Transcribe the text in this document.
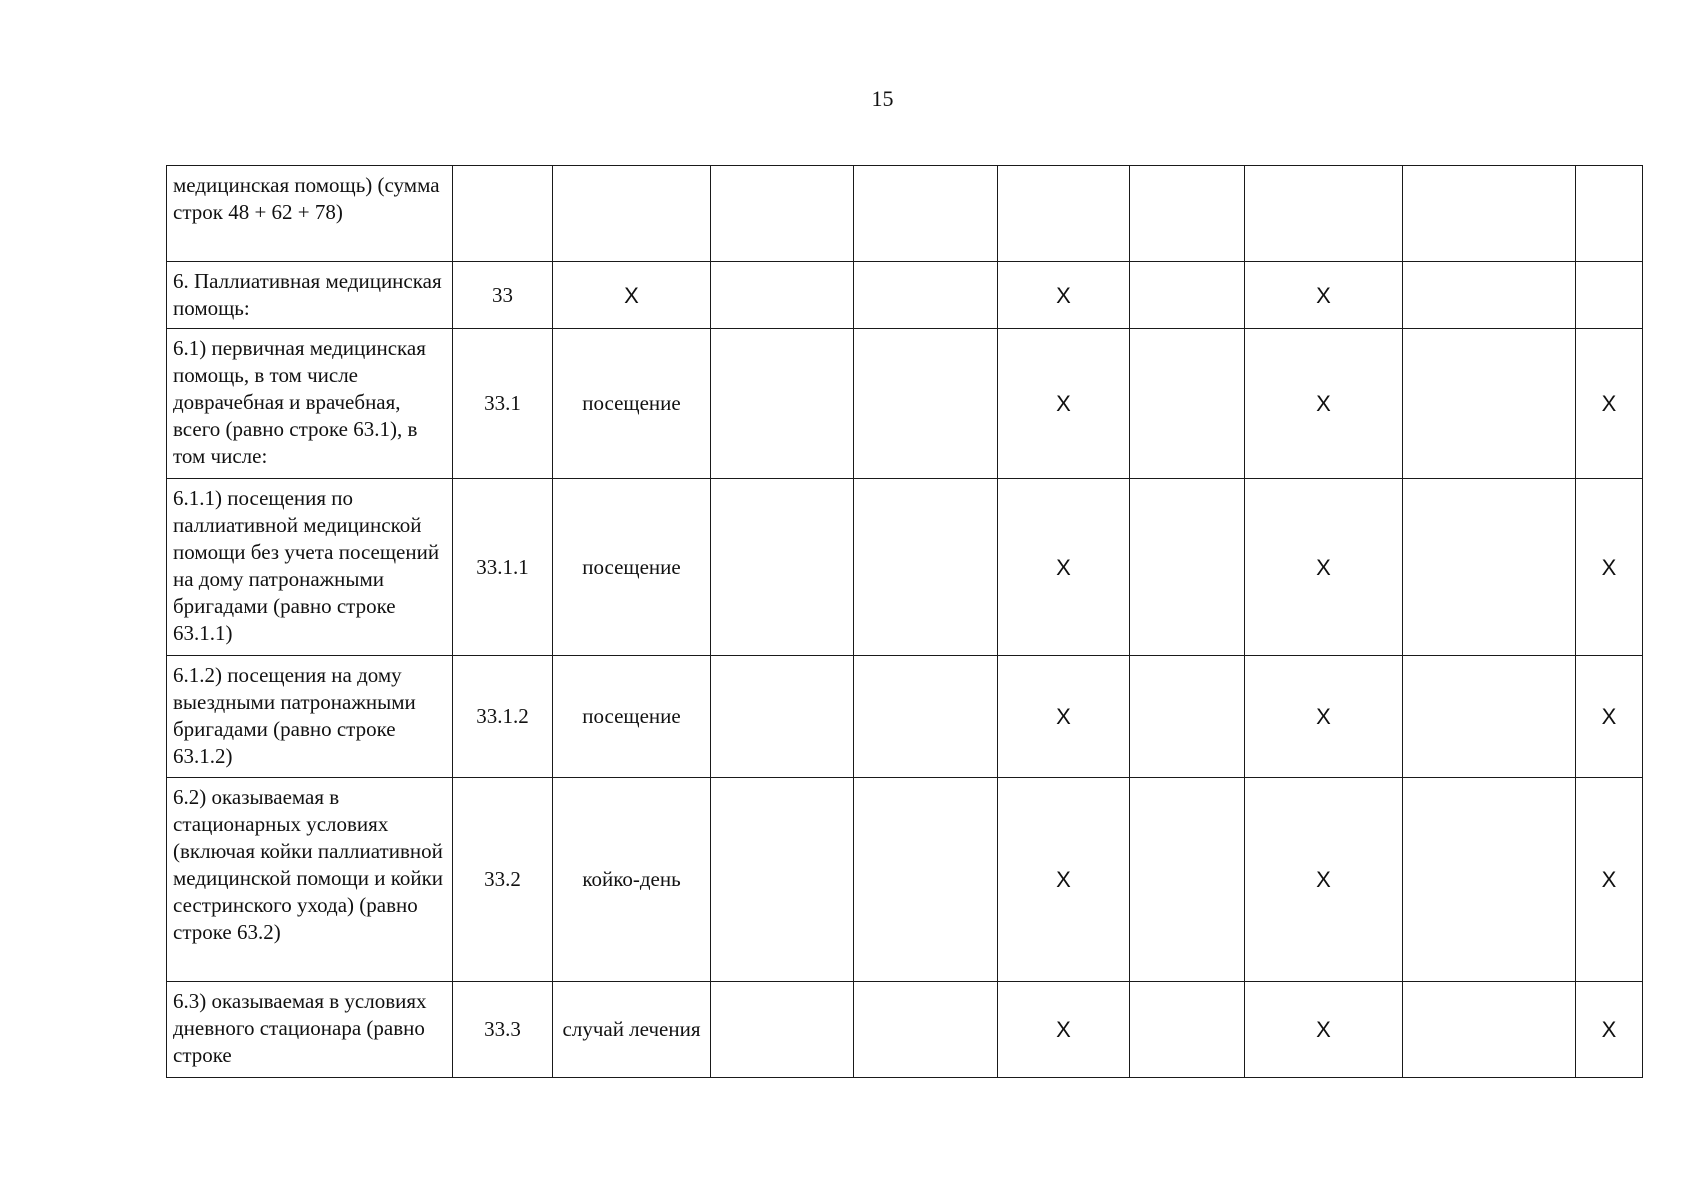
15
медицинская помощь) (сумма строк 48 + 62 + 78)									
6. Паллиативная медицинская помощь:	33	X			X		X		
6.1) первичная медицинская помощь, в том числе доврачебная и врачебная, всего (равно строке 63.1), в том числе:	33.1	посещение			X		X		X
6.1.1) посещения по паллиативной медицинской помощи без учета посещений на дому патронажными бригадами (равно строке 63.1.1)	33.1.1	посещение			X		X		X
6.1.2) посещения на дому выездными патронажными бригадами (равно строке 63.1.2)	33.1.2	посещение			X		X		X
6.2) оказываемая в стационарных условиях (включая койки паллиативной медицинской помощи и койки сестринского ухода) (равно строке 63.2)	33.2	койко-день			X		X		X
6.3) оказываемая в условиях дневного стационара (равно строке	33.3	случай лечения			X		X		X
